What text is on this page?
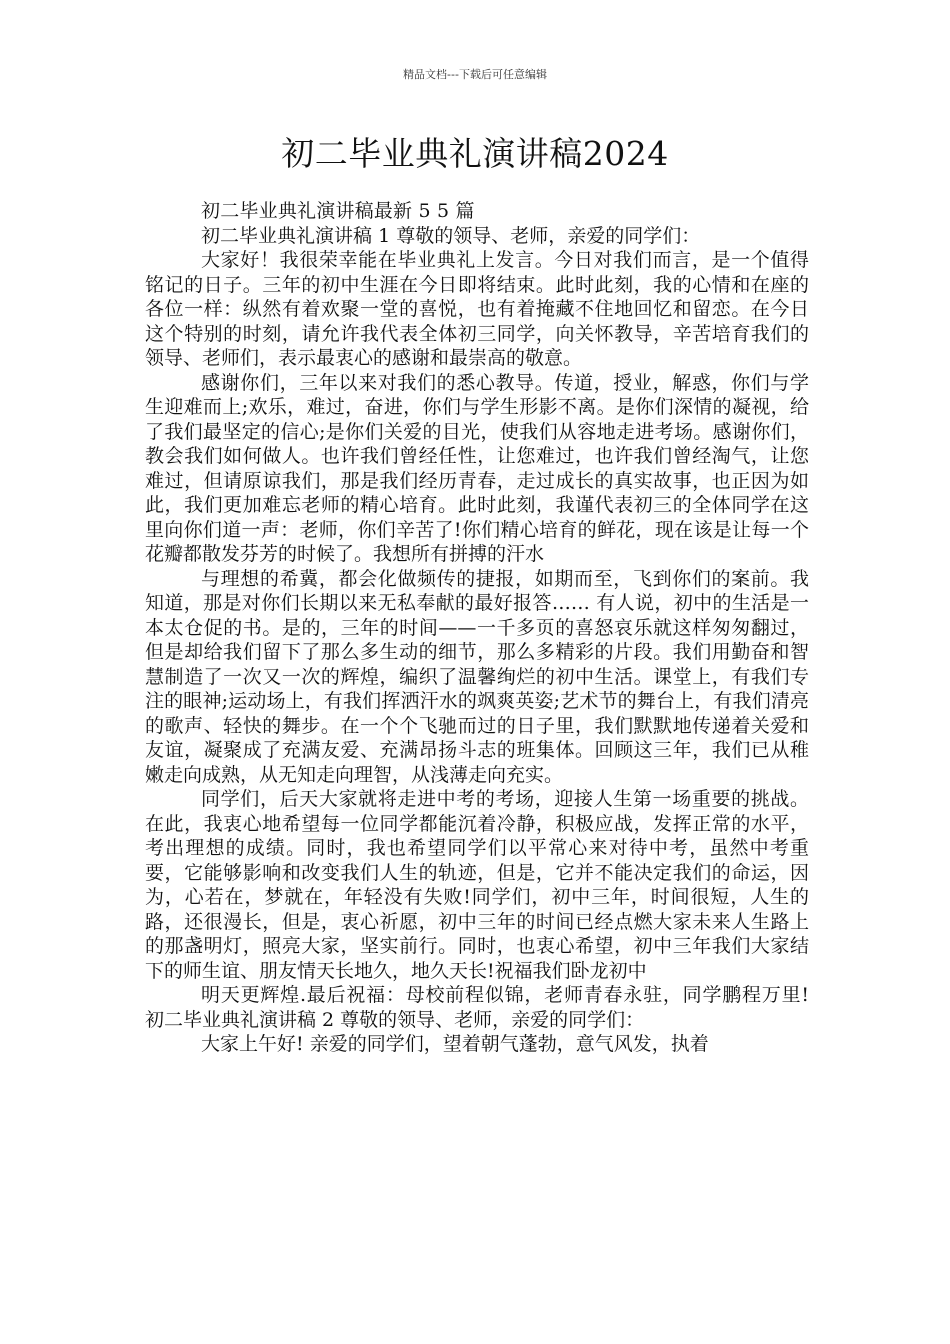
精品文档---下载后可任意编辑
初二毕业典礼演讲稿2024

初二毕业典礼演讲稿最新 5 5 篇

初二毕业典礼演讲稿 1 尊敬的领导、老师，亲爱的同学们：

大家好！我很荣幸能在毕业典礼上发言。今日对我们而言，是一个值得铭记的日子。三年的初中生涯在今日即将结束。此时此刻，我的心情和在座的各位一样：纵然有着欢聚一堂的喜悦，也有着掩藏不住地回忆和留恋。在今日这个特别的时刻，请允许我代表全体初三同学，向关怀教导，辛苦培育我们的领导、老师们，表示最衷心的感谢和最崇高的敬意。

感谢你们，三年以来对我们的悉心教导。传道，授业，解惑，你们与学生迎难而上;欢乐，难过，奋进，你们与学生形影不离。是你们深情的凝视，给了我们最坚定的信心;是你们关爱的目光，使我们从容地走进考场。感谢你们，教会我们如何做人。也许我们曾经任性，让您难过，也许我们曾经淘气，让您难过，但请原谅我们，那是我们经历青春，走过成长的真实故事，也正因为如此，我们更加难忘老师的精心培育。此时此刻，我谨代表初三的全体同学在这里向你们道一声：老师，你们辛苦了!你们精心培育的鲜花，现在该是让每一个花瓣都散发芬芳的时候了。我想所有拼搏的汗水

与理想的希冀，都会化做频传的捷报，如期而至，飞到你们的案前。我知道，那是对你们长期以来无私奉献的最好报答…… 有人说，初中的生活是一本太仓促的书。是的，三年的时间——一千多页的喜怒哀乐就这样匆匆翻过，但是却给我们留下了那么多生动的细节，那么多精彩的片段。我们用勤奋和智慧制造了一次又一次的辉煌，编织了温馨绚烂的初中生活。课堂上，有我们专注的眼神;运动场上，有我们挥洒汗水的飒爽英姿;艺术节的舞台上，有我们清亮的歌声、轻快的舞步。在一个个飞驰而过的日子里，我们默默地传递着关爱和友谊，凝聚成了充满友爱、充满昂扬斗志的班集体。回顾这三年，我们已从稚嫩走向成熟，从无知走向理智，从浅薄走向充实。

同学们，后天大家就将走进中考的考场，迎接人生第一场重要的挑战。在此，我衷心地希望每一位同学都能沉着冷静，积极应战，发挥正常的水平，考出理想的成绩。同时，我也希望同学们以平常心来对待中考，虽然中考重要，它能够影响和改变我们人生的轨迹，但是，它并不能决定我们的命运，因为，心若在，梦就在，年轻没有失败!同学们，初中三年，时间很短，人生的路，还很漫长，但是，衷心祈愿，初中三年的时间已经点燃大家未来人生路上的那盏明灯，照亮大家，坚实前行。同时，也衷心希望，初中三年我们大家结下的师生谊、朋友情天长地久，地久天长!祝福我们卧龙初中

明天更辉煌.最后祝福：母校前程似锦，老师青春永驻，同学鹏程万里! 初二毕业典礼演讲稿 2 尊敬的领导、老师，亲爱的同学们：

大家上午好! 亲爱的同学们，望着朝气蓬勃，意气风发，执着
